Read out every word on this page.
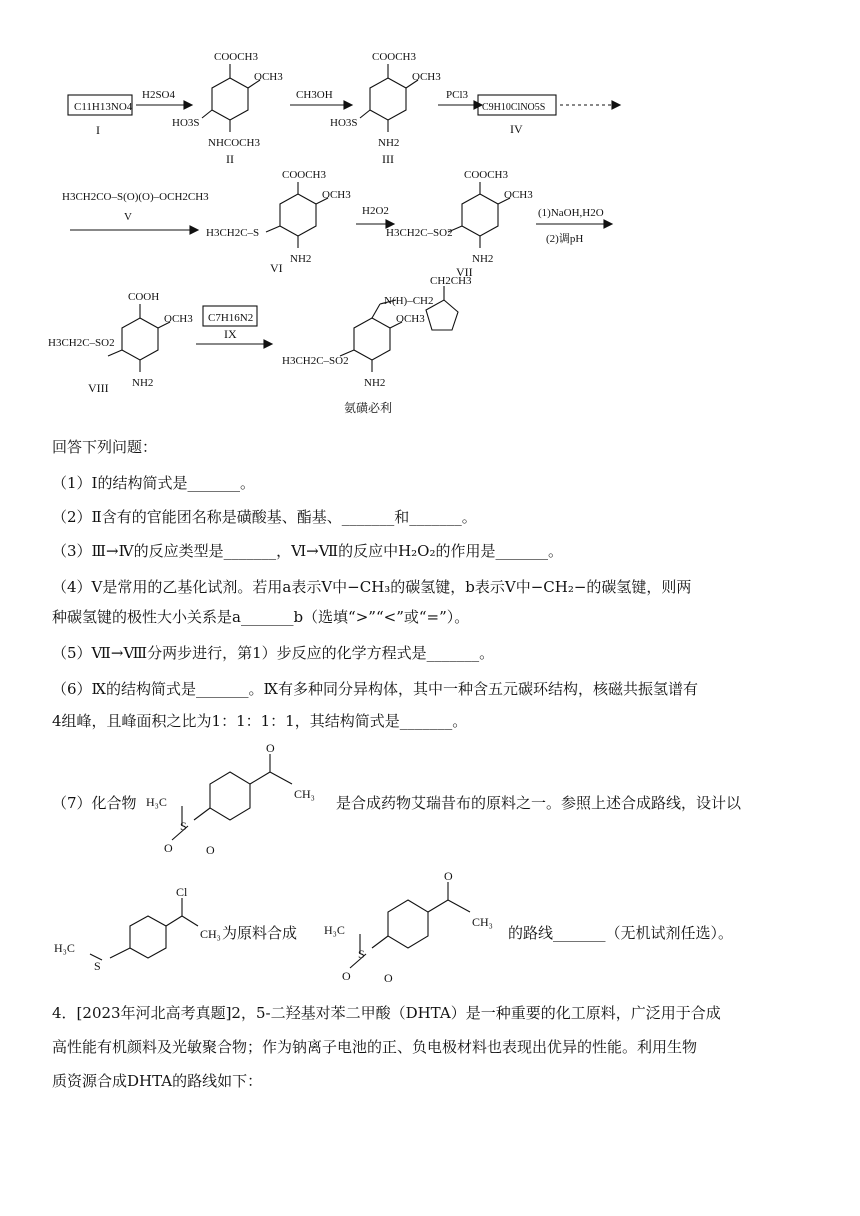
C11H13NO4
I
H2SO4
COOCH3
OCH3
HO3S
NHCOCH3
II
CH3OH
COOCH3
OCH3
HO3S
NH2
III
PCl3
C9H10ClNO5S
IV
H3CH2CO–S(O)(O)–OCH2CH3
V
COOCH3
OCH3
H3CH2C–S
NH2
VI
H2O2
COOCH3
OCH3
H3CH2C–SO2
NH2
VII
(1)NaOH,H2O
(2)调pH
COOH
OCH3
H3CH2C–SO2
NH2
VIII
C7H16N2
IX
OCH3
H3CH2C–SO2
NH2
N(H)–CH2
CH2CH3
氨磺必利
回答下列问题：
（1）Ⅰ的结构简式是_______。
（2）Ⅱ含有的官能团名称是磺酸基、酯基、_______和_______。
（3）Ⅲ→Ⅳ的反应类型是_______，Ⅵ→Ⅶ的反应中H₂O₂的作用是_______。
（4）Ⅴ是常用的乙基化试剂。若用a表示Ⅴ中−CH₃的碳氢键，b表示Ⅴ中−CH₂−的碳氢键，则两
种碳氢键的极性大小关系是a_______b（选填“>”“<”或“=”）。
（5）Ⅶ→Ⅷ分两步进行，第1）步反应的化学方程式是_______。
（6）Ⅸ的结构简式是_______。Ⅸ有多种同分异构体，其中一种含五元碳环结构，核磁共振氢谱有
4组峰，且峰面积之比为1：1：1：1，其结构简式是_______。
（7）化合物
O
CH₃
H₃C
S
O	O
是合成药物艾瑞昔布的原料之一。参照上述合成路线，设计以
Cl
CH₃
H₃C
S
为原料合成
O
CH₃
H₃C
S
O	O
的路线_______（无机试剂任选）。
4．[2023年河北高考真题]2，5-二羟基对苯二甲酸（DHTA）是一种重要的化工原料，广泛用于合成
高性能有机颜料及光敏聚合物；作为钠离子电池的正、负电极材料也表现出优异的性能。利用生物
质资源合成DHTA的路线如下：
